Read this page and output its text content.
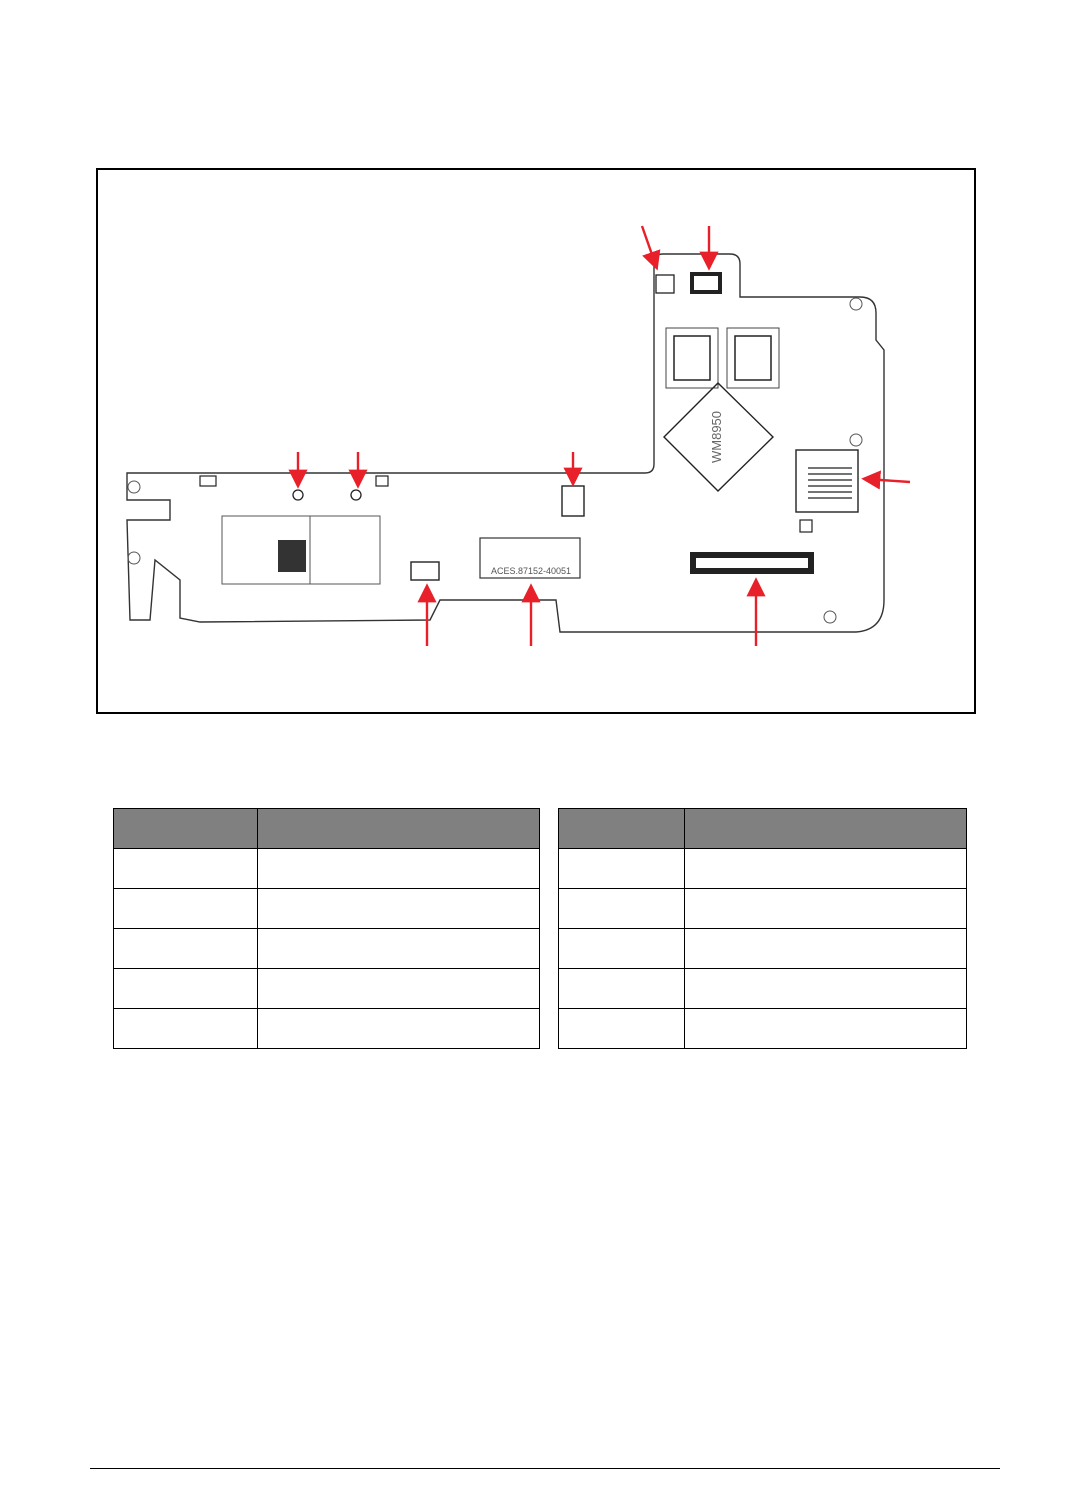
WM8950
ACES.87152-40051
